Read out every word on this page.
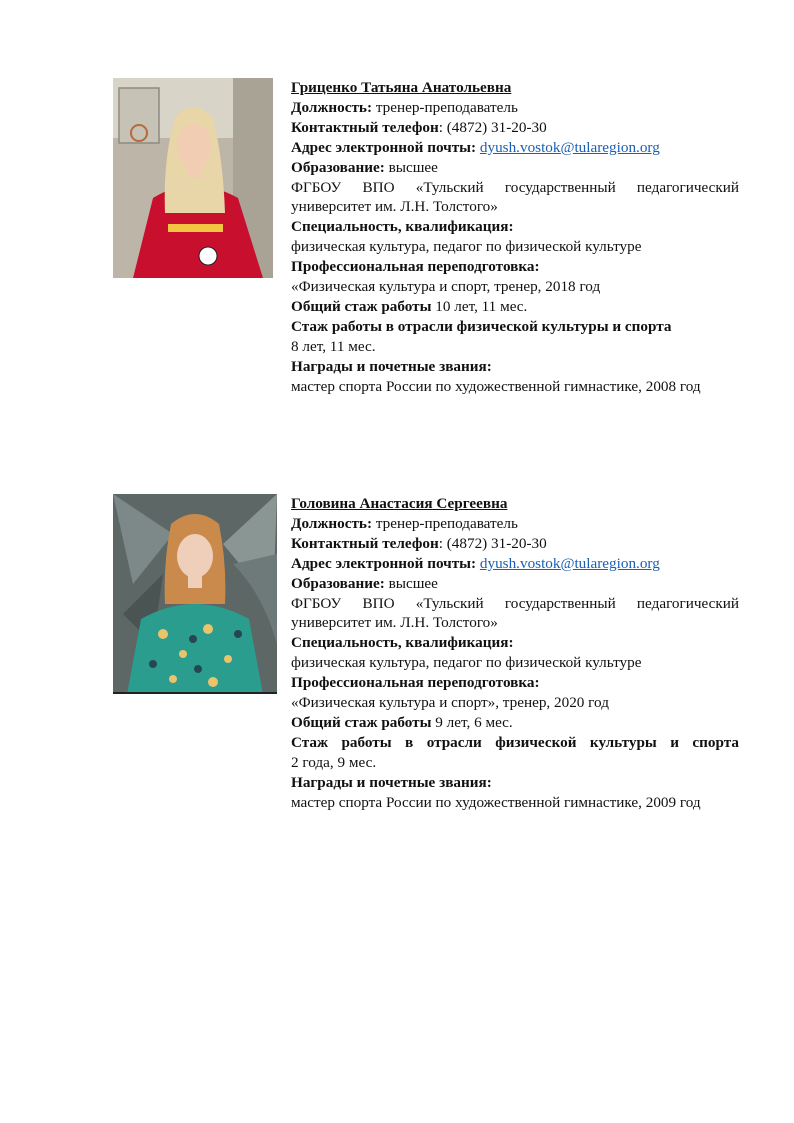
Гриценко Татьяна Анатольевна

Должность: тренер-преподаватель

Контактный телефон: (4872) 31-20-30

Адрес электронной почты: dyush.vostok@tularegion.org

Образование: высшее

ФГБОУ ВПО «Тульский государственный педагогический университет им. Л.Н. Толстого»

Специальность, квалификация:

физическая культура, педагог по физической культуре

Профессиональная переподготовка:

«Физическая культура и спорт, тренер, 2018 год

Общий стаж работы 10 лет, 11 мес.

Стаж работы в отрасли физической культуры и спорта

8 лет, 11 мес.

Награды и почетные звания:

мастер спорта России по художественной гимнастике, 2008 год

Головина Анастасия Сергеевна

Должность: тренер-преподаватель

Контактный телефон: (4872) 31-20-30

Адрес электронной почты: dyush.vostok@tularegion.org

Образование: высшее

ФГБОУ ВПО «Тульский государственный педагогический университет им. Л.Н. Толстого»

Специальность, квалификация:

физическая культура, педагог по физической культуре

Профессиональная переподготовка:

«Физическая культура и спорт», тренер, 2020 год

Общий стаж работы 9 лет, 6 мес.

Стаж работы в отрасли физической культуры и спорта

2 года, 9 мес.

Награды и почетные звания:

мастер спорта России по художественной гимнастике, 2009 год
